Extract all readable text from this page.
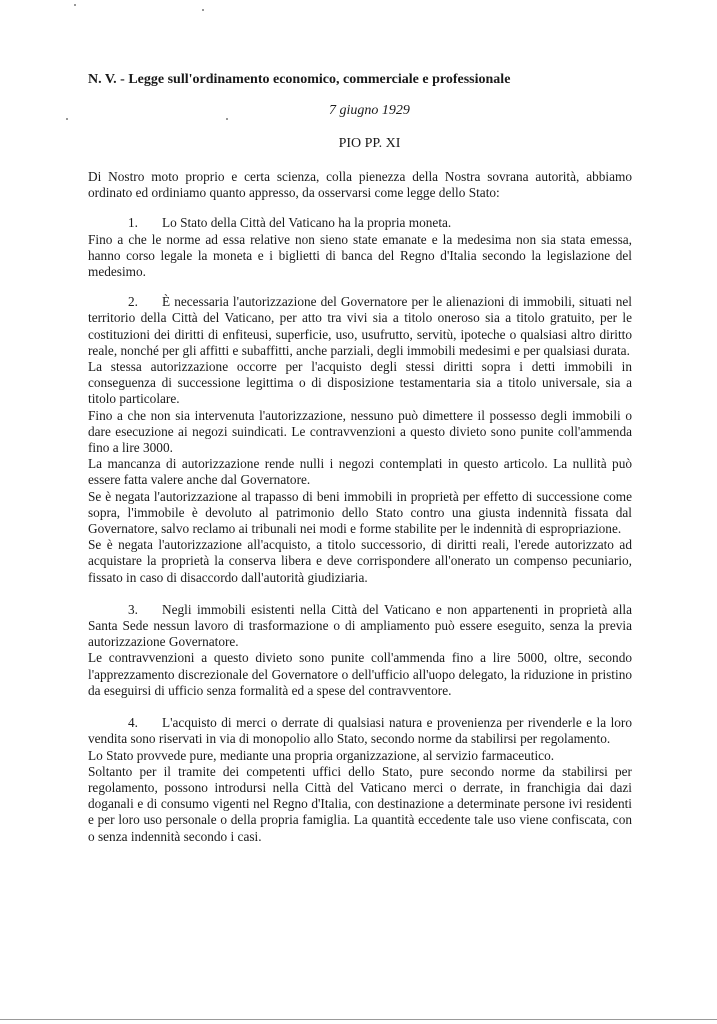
N. V. - Legge sull'ordinamento economico, commerciale e professionale
7 giugno 1929
PIO PP. XI

Di Nostro moto proprio e certa scienza, colla pienezza della Nostra sovrana autorità, abbiamo ordinato ed ordiniamo quanto appresso, da osservarsi come legge dello Stato:

1. Lo Stato della Città del Vaticano ha la propria moneta.

Fino a che le norme ad essa relative non sieno state emanate e la medesima non sia stata emessa, hanno corso legale la moneta e i biglietti di banca del Regno d'Italia secondo la legislazione del medesimo.

2. È necessaria l'autorizzazione del Governatore per le alienazioni di immobili, situati nel territorio della Città del Vaticano, per atto tra vivi sia a titolo oneroso sia a titolo gratuito, per le costituzioni dei diritti di enfiteusi, superficie, uso, usufrutto, servitù, ipoteche o qualsiasi altro diritto reale, nonché per gli affitti e subaffitti, anche parziali, degli immobili medesimi e per qualsiasi durata.

La stessa autorizzazione occorre per l'acquisto degli stessi diritti sopra i detti immobili in conseguenza di successione legittima o di disposizione testamentaria sia a titolo universale, sia a titolo particolare.

Fino a che non sia intervenuta l'autorizzazione, nessuno può dimettere il possesso degli immobili o dare esecuzione ai negozi suindicati. Le contravvenzioni a questo divieto sono punite coll'ammenda fino a lire 3000.

La mancanza di autorizzazione rende nulli i negozi contemplati in questo articolo. La nullità può essere fatta valere anche dal Governatore.

Se è negata l'autorizzazione al trapasso di beni immobili in proprietà per effetto di successione come sopra, l'immobile è devoluto al patrimonio dello Stato contro una giusta indennità fissata dal Governatore, salvo reclamo ai tribunali nei modi e forme stabilite per le indennità di espropriazione.

Se è negata l'autorizzazione all'acquisto, a titolo successorio, di diritti reali, l'erede autorizzato ad acquistare la proprietà la conserva libera e deve corrispondere all'onerato un compenso pecuniario, fissato in caso di disaccordo dall'autorità giudiziaria.

3. Negli immobili esistenti nella Città del Vaticano e non appartenenti in proprietà alla Santa Sede nessun lavoro di trasformazione o di ampliamento può essere eseguito, senza la previa autorizzazione Governatore.

Le contravvenzioni a questo divieto sono punite coll'ammenda fino a lire 5000, oltre, secondo l'apprezzamento discrezionale del Governatore o dell'ufficio all'uopo delegato, la riduzione in pristino da eseguirsi di ufficio senza formalità ed a spese del contravventore.

4. L'acquisto di merci o derrate di qualsiasi natura e provenienza per rivenderle e la loro vendita sono riservati in via di monopolio allo Stato, secondo norme da stabilirsi per regolamento.

Lo Stato provvede pure, mediante una propria organizzazione, al servizio farmaceutico.

Soltanto per il tramite dei competenti uffici dello Stato, pure secondo norme da stabilirsi per regolamento, possono introdursi nella Città del Vaticano merci o derrate, in franchigia dai dazi doganali e di consumo vigenti nel Regno d'Italia, con destinazione a determinate persone ivi residenti e per loro uso personale o della propria famiglia. La quantità eccedente tale uso viene confiscata, con o senza indennità secondo i casi.
